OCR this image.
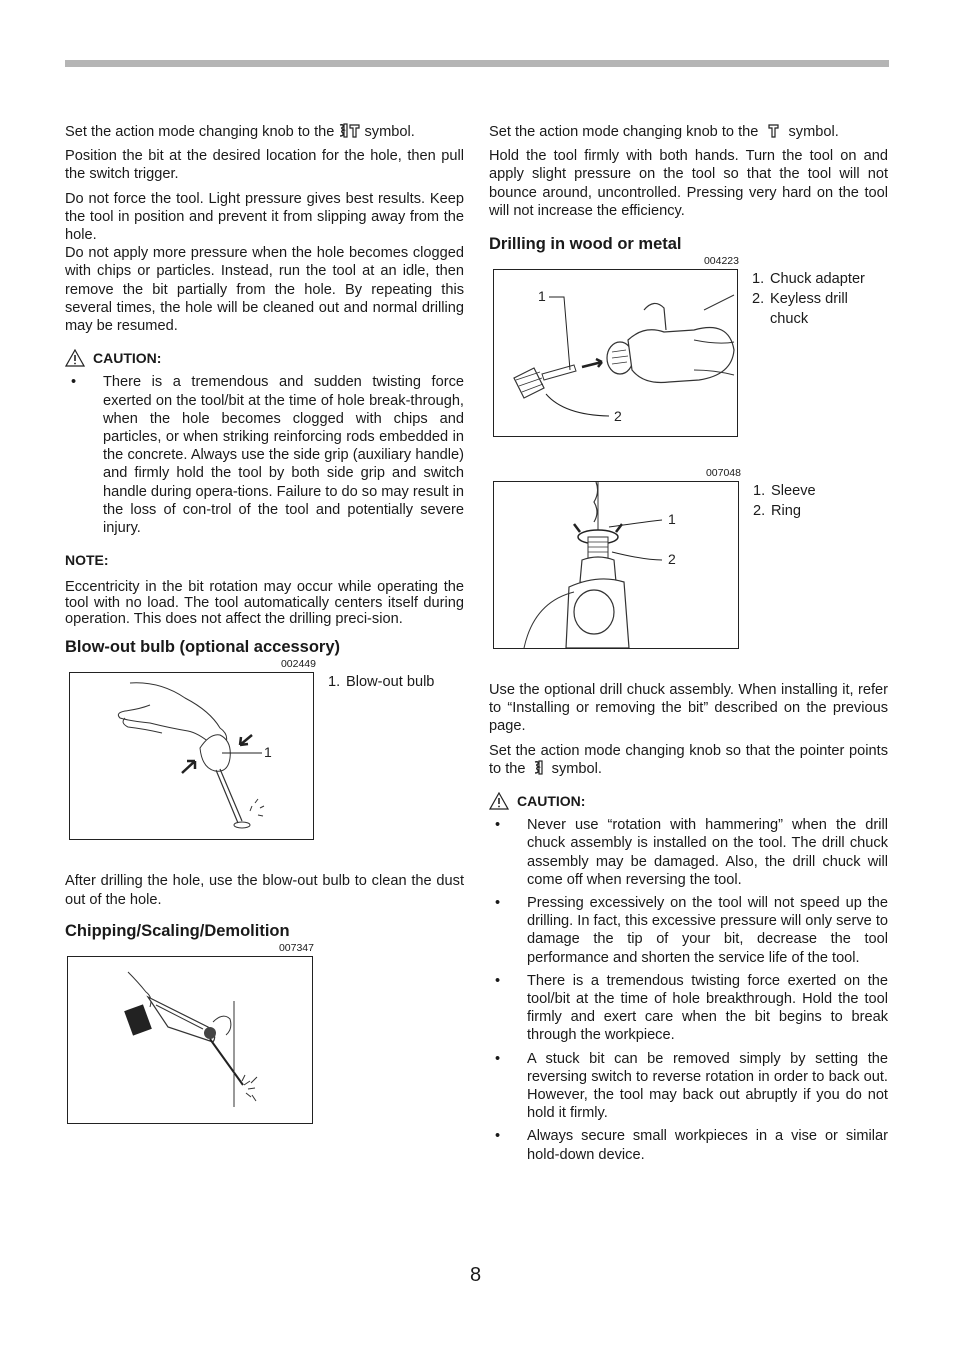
Set the action mode changing knob to the symbol.

Position the bit at the desired location for the hole, then pull the switch trigger.

Do not force the tool. Light pressure gives best results. Keep the tool in position and prevent it from slipping away from the hole.

Do not apply more pressure when the hole becomes clogged with chips or particles. Instead, run the tool at an idle, then remove the bit partially from the hole. By repeating this several times, the hole will be cleaned out and normal drilling may be resumed.

CAUTION:
• There is a tremendous and sudden twisting force exerted on the tool/bit at the time of hole break-through, when the hole becomes clogged with chips and particles, or when striking reinforcing rods embedded in the concrete. Always use the side grip (auxiliary handle) and firmly hold the tool by both side grip and switch handle during opera-tions. Failure to do so may result in the loss of con-trol of the tool and potentially severe injury.
NOTE:

Eccentricity in the bit rotation may occur while operating the tool with no load. The tool automatically centers itself during operation. This does not affect the drilling preci-sion.

Blow-out bulb (optional accessory)
002449
1
1. Blow-out bulb

After drilling the hole, use the blow-out bulb to clean the dust out of the hole.

Chipping/Scaling/Demolition
007347

Set the action mode changing knob to the symbol.

Hold the tool firmly with both hands. Turn the tool on and apply slight pressure on the tool so that the tool will not bounce around, uncontrolled. Pressing very hard on the tool will not increase the efficiency.

Drilling in wood or metal
004223
1
2
1. Chuck adapter
2. Keyless drill chuck
007048
1
2
1. Sleeve
2. Ring

Use the optional drill chuck assembly. When installing it, refer to “Installing or removing the bit” described on the previous page.

Set the action mode changing knob so that the pointer points to the symbol.

CAUTION:
• Never use “rotation with hammering” when the drill chuck assembly is installed on the tool. The drill chuck assembly may be damaged. Also, the drill chuck will come off when reversing the tool.
• Pressing excessively on the tool will not speed up the drilling. In fact, this excessive pressure will only serve to damage the tip of your bit, decrease the tool performance and shorten the service life of the tool.
• There is a tremendous twisting force exerted on the tool/bit at the time of hole breakthrough. Hold the tool firmly and exert care when the bit begins to break through the workpiece.
• A stuck bit can be removed simply by setting the reversing switch to reverse rotation in order to back out. However, the tool may back out abruptly if you do not hold it firmly.
• Always secure small workpieces in a vise or similar hold-down device.
8
